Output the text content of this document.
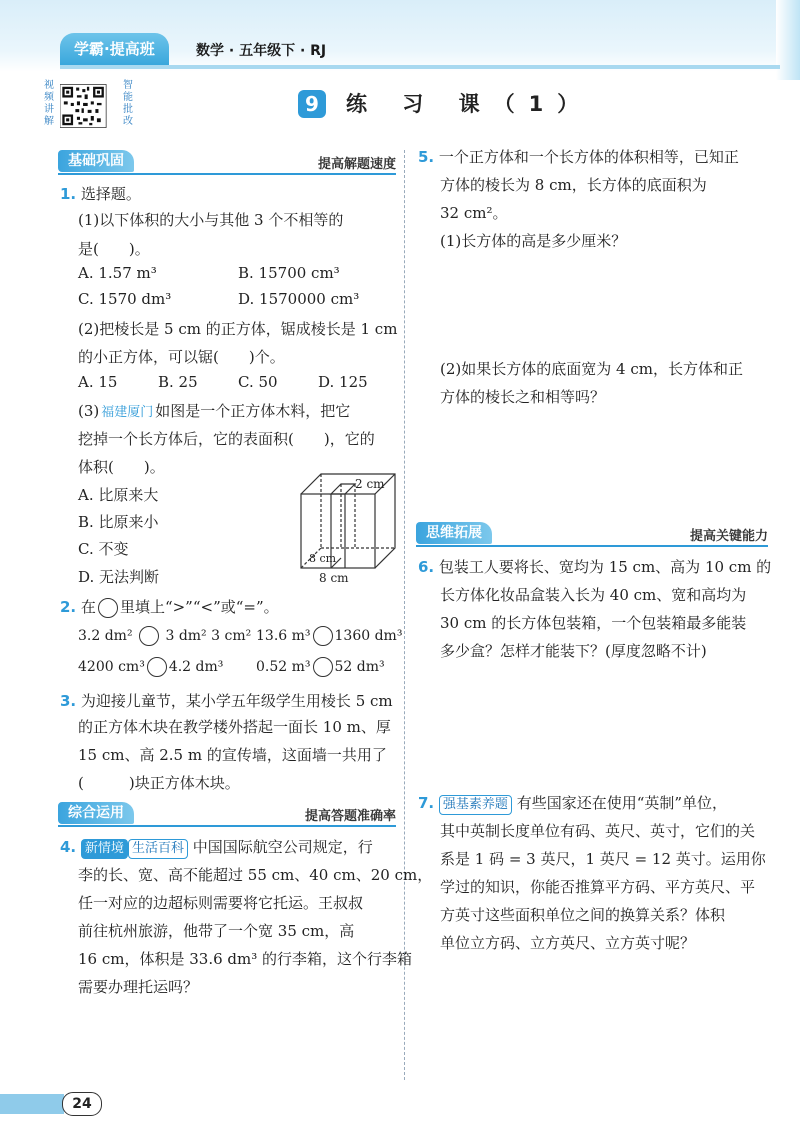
学霸·提高班	数学 · 五年级下 · RJ
视频讲解
智能批改
9	练 习 课（1）
基础巩固	提高解题速度
1. 选择题。
(1)以下体积的大小与其他 3 个不相等的
是(　　)。
A. 1.57 m³	B. 15700 cm³
C. 1570 dm³	D. 1570000 cm³
(2)把棱长是 5 cm 的正方体，锯成棱长是 1 cm
的小正方体，可以锯(　　)个。
A. 15	B. 25	C. 50	D. 125
(3) 福建厦门 如图是一个正方体木料，把它
挖掉一个长方体后，它的表面积(　　)，它的
体积(　　)。
A. 比原来大
B. 比原来小
C. 不变
D. 无法判断
2 cm
8 cm
8 cm
2. 在 里填上“>”“<”或“=”。
3.2 dm²  3 dm² 3 cm² 13.6 m³ 1360 dm³
4200 cm³ 4.2 dm³ 0.52 m³ 52 dm³
3. 为迎接儿童节，某小学五年级学生用棱长 5 cm
的正方体木块在教学楼外搭起一面长 10 m、厚
15 cm、高 2.5 m 的宣传墙，这面墙一共用了
(　　　)块正方体木块。
综合运用	提高答题准确率
4. 新情境 生活百科 中国国际航空公司规定，行
李的长、宽、高不能超过 55 cm、40 cm、20 cm，
任一对应的边超标则需要将它托运。王叔叔
前往杭州旅游，他带了一个宽 35 cm，高
16 cm，体积是 33.6 dm³ 的行李箱，这个行李箱
需要办理托运吗？
5. 一个正方体和一个长方体的体积相等，已知正
方体的棱长为 8 cm，长方体的底面积为
32 cm²。
(1)长方体的高是多少厘米？
(2)如果长方体的底面宽为 4 cm，长方体和正
方体的棱长之和相等吗？
思维拓展	提高关键能力
6. 包装工人要将长、宽均为 15 cm、高为 10 cm 的
长方体化妆品盒装入长为 40 cm、宽和高均为
30 cm 的长方体包装箱，一个包装箱最多能装
多少盒？怎样才能装下？(厚度忽略不计)
7. 强基素养题 有些国家还在使用“英制”单位，
其中英制长度单位有码、英尺、英寸，它们的关
系是 1 码 = 3 英尺，1 英尺 = 12 英寸。运用你
学过的知识，你能否推算平方码、平方英尺、平
方英寸这些面积单位之间的换算关系？体积
单位立方码、立方英尺、立方英寸呢？
24
